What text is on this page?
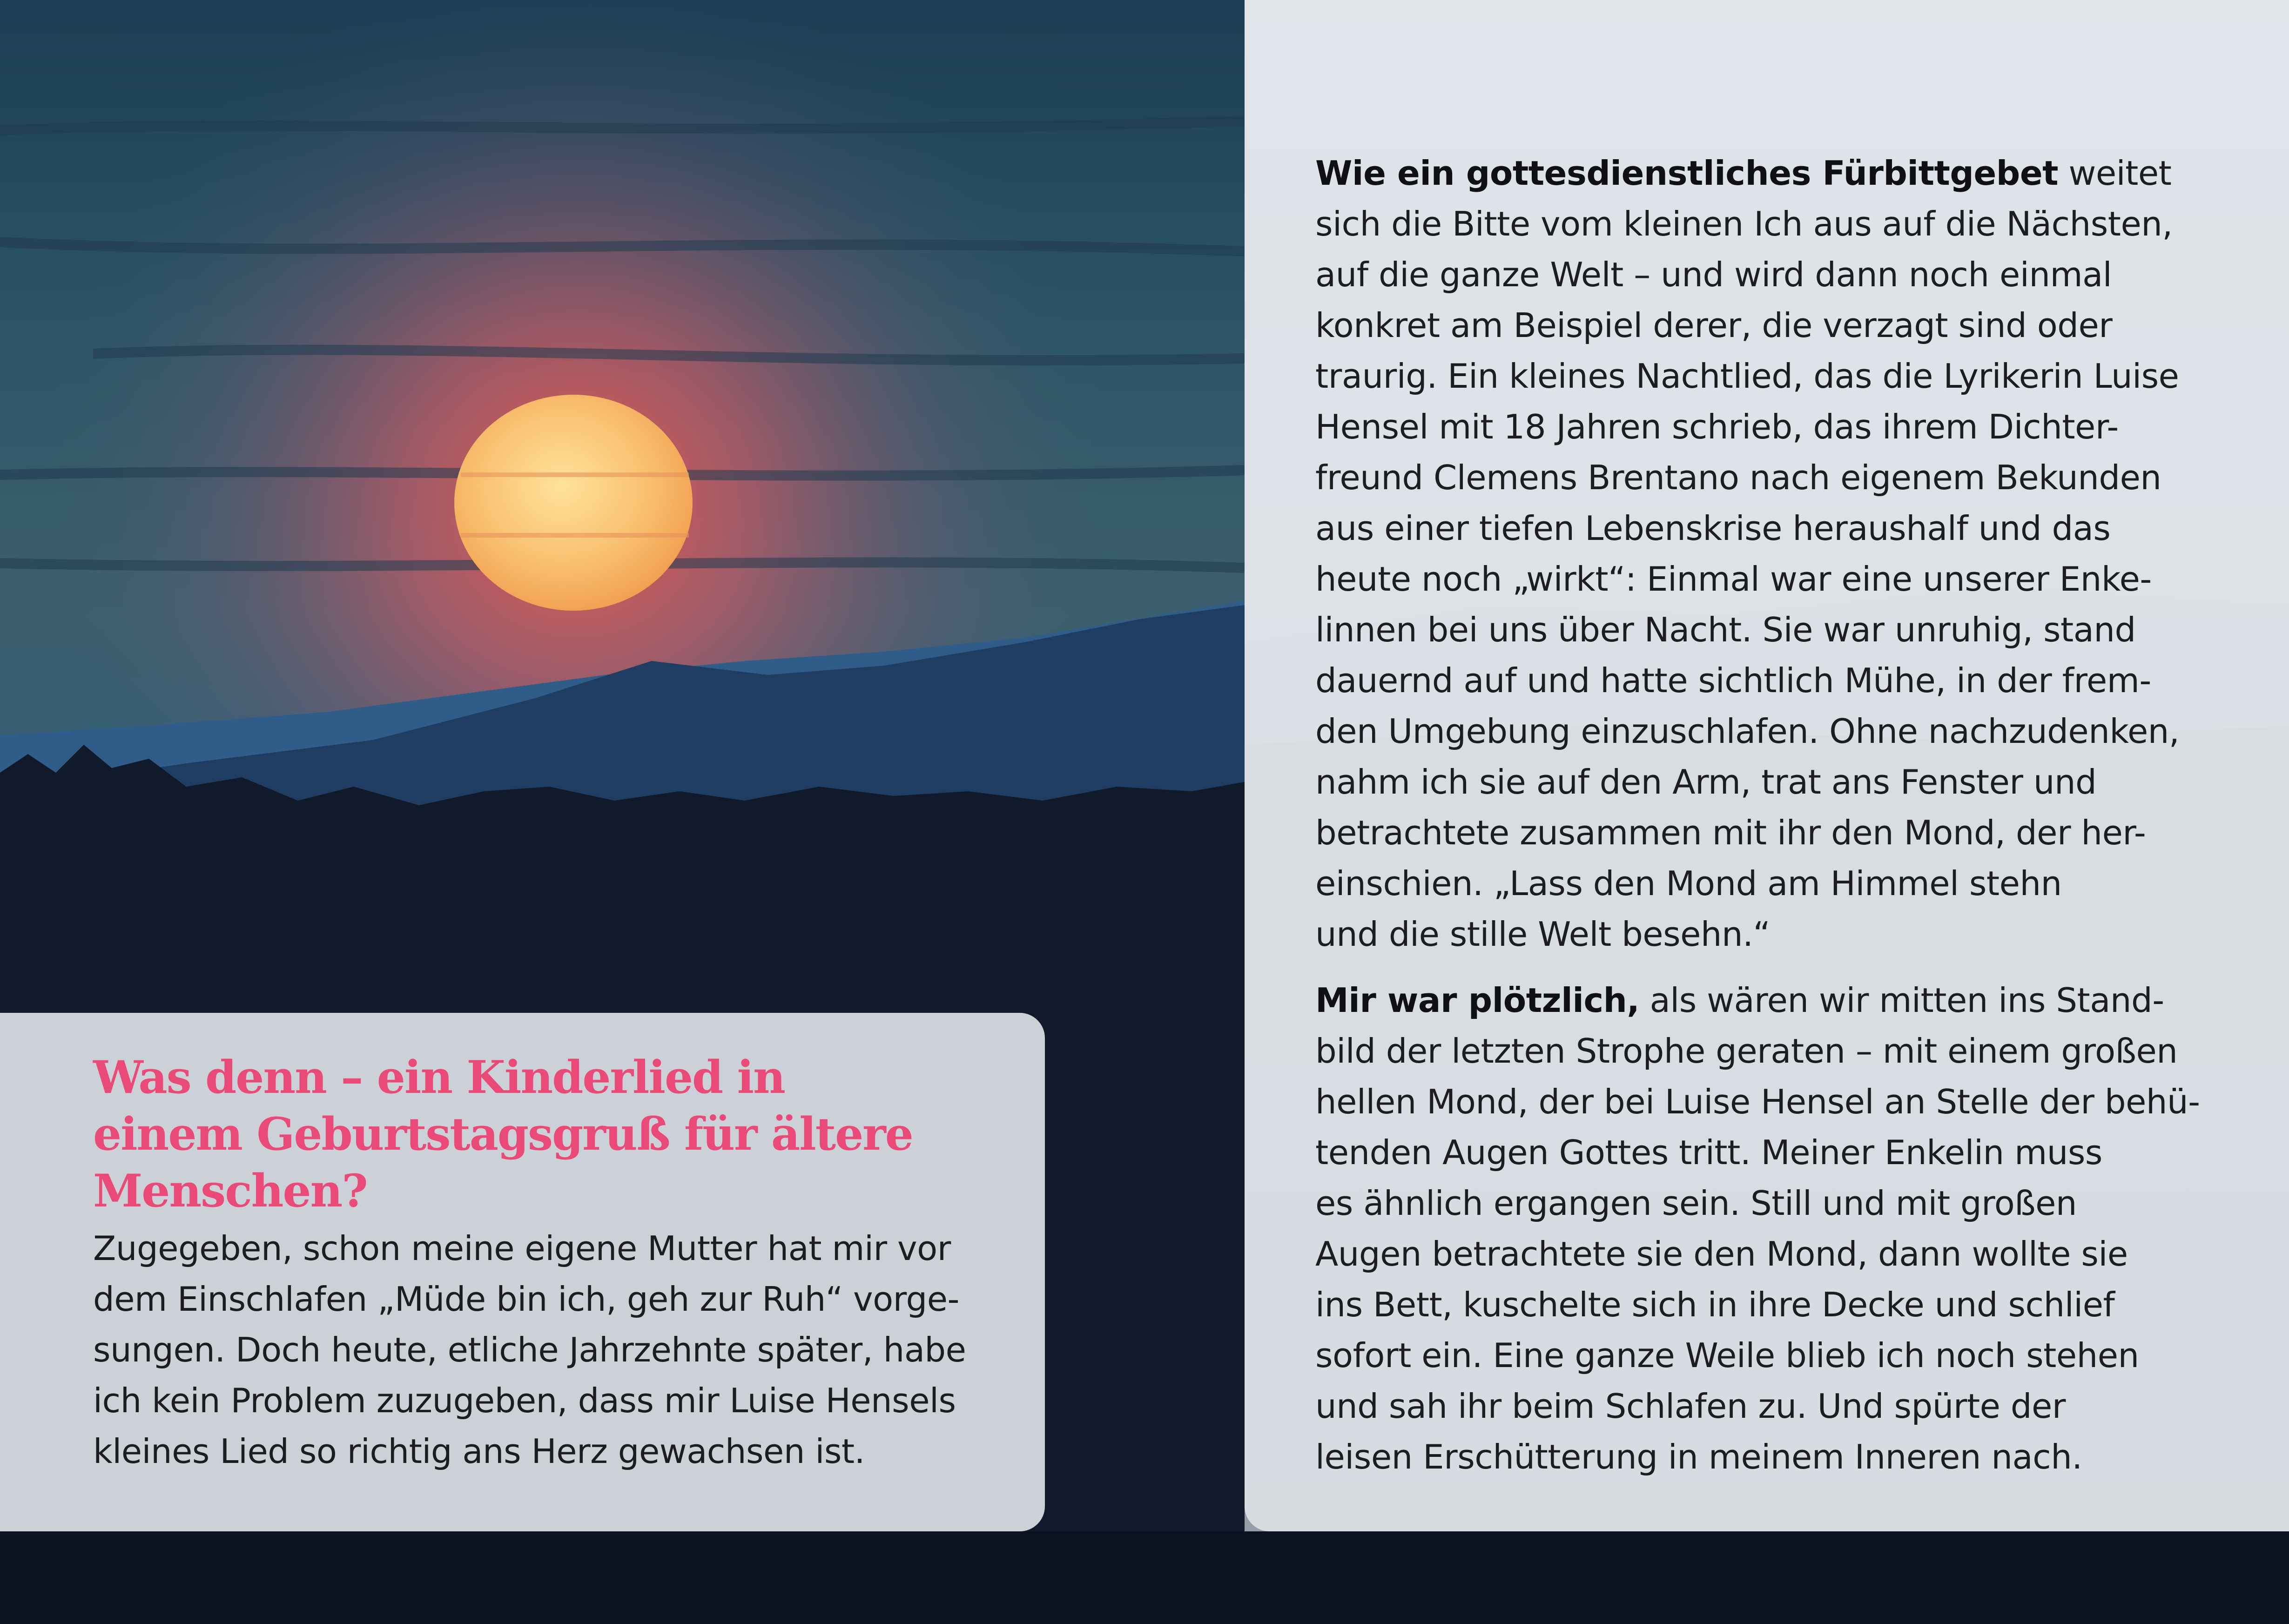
Was denn – ein Kinderlied in
einem Geburtstagsgruß für ältere
Menschen?

Zugegeben, schon meine eigene Mutter hat mir vor
dem Einschlafen „Müde bin ich, geh zur Ruh“ vorge-
sungen. Doch heute, etliche Jahrzehnte später, habe
ich kein Problem zuzugeben, dass mir Luise Hensels
kleines Lied so richtig ans Herz gewachsen ist.

Wie ein gottesdienstliches Fürbittgebet weitet
sich die Bitte vom kleinen Ich aus auf die Nächsten,
auf die ganze Welt – und wird dann noch einmal
konkret am Beispiel derer, die verzagt sind oder
traurig. Ein kleines Nachtlied, das die Lyrikerin Luise
Hensel mit 18 Jahren schrieb, das ihrem Dichter-
freund Clemens Brentano nach eigenem Bekunden
aus einer tiefen Lebenskrise heraushalf und das
heute noch „wirkt“: Einmal war eine unserer Enke-
linnen bei uns über Nacht. Sie war unruhig, stand
dauernd auf und hatte sichtlich Mühe, in der frem-
den Umgebung einzuschlafen. Ohne nachzudenken,
nahm ich sie auf den Arm, trat ans Fenster und
betrachtete zusammen mit ihr den Mond, der her-
einschien. „Lass den Mond am Himmel stehn
und die stille Welt besehn.“

Mir war plötzlich, als wären wir mitten ins Stand-
bild der letzten Strophe geraten – mit einem großen
hellen Mond, der bei Luise Hensel an Stelle der behü-
tenden Augen Gottes tritt. Meiner Enkelin muss
es ähnlich ergangen sein. Still und mit großen
Augen betrachtete sie den Mond, dann wollte sie
ins Bett, kuschelte sich in ihre Decke und schlief
sofort ein. Eine ganze Weile blieb ich noch stehen
und sah ihr beim Schlafen zu. Und spürte der
leisen Erschütterung in meinem Inneren nach.
